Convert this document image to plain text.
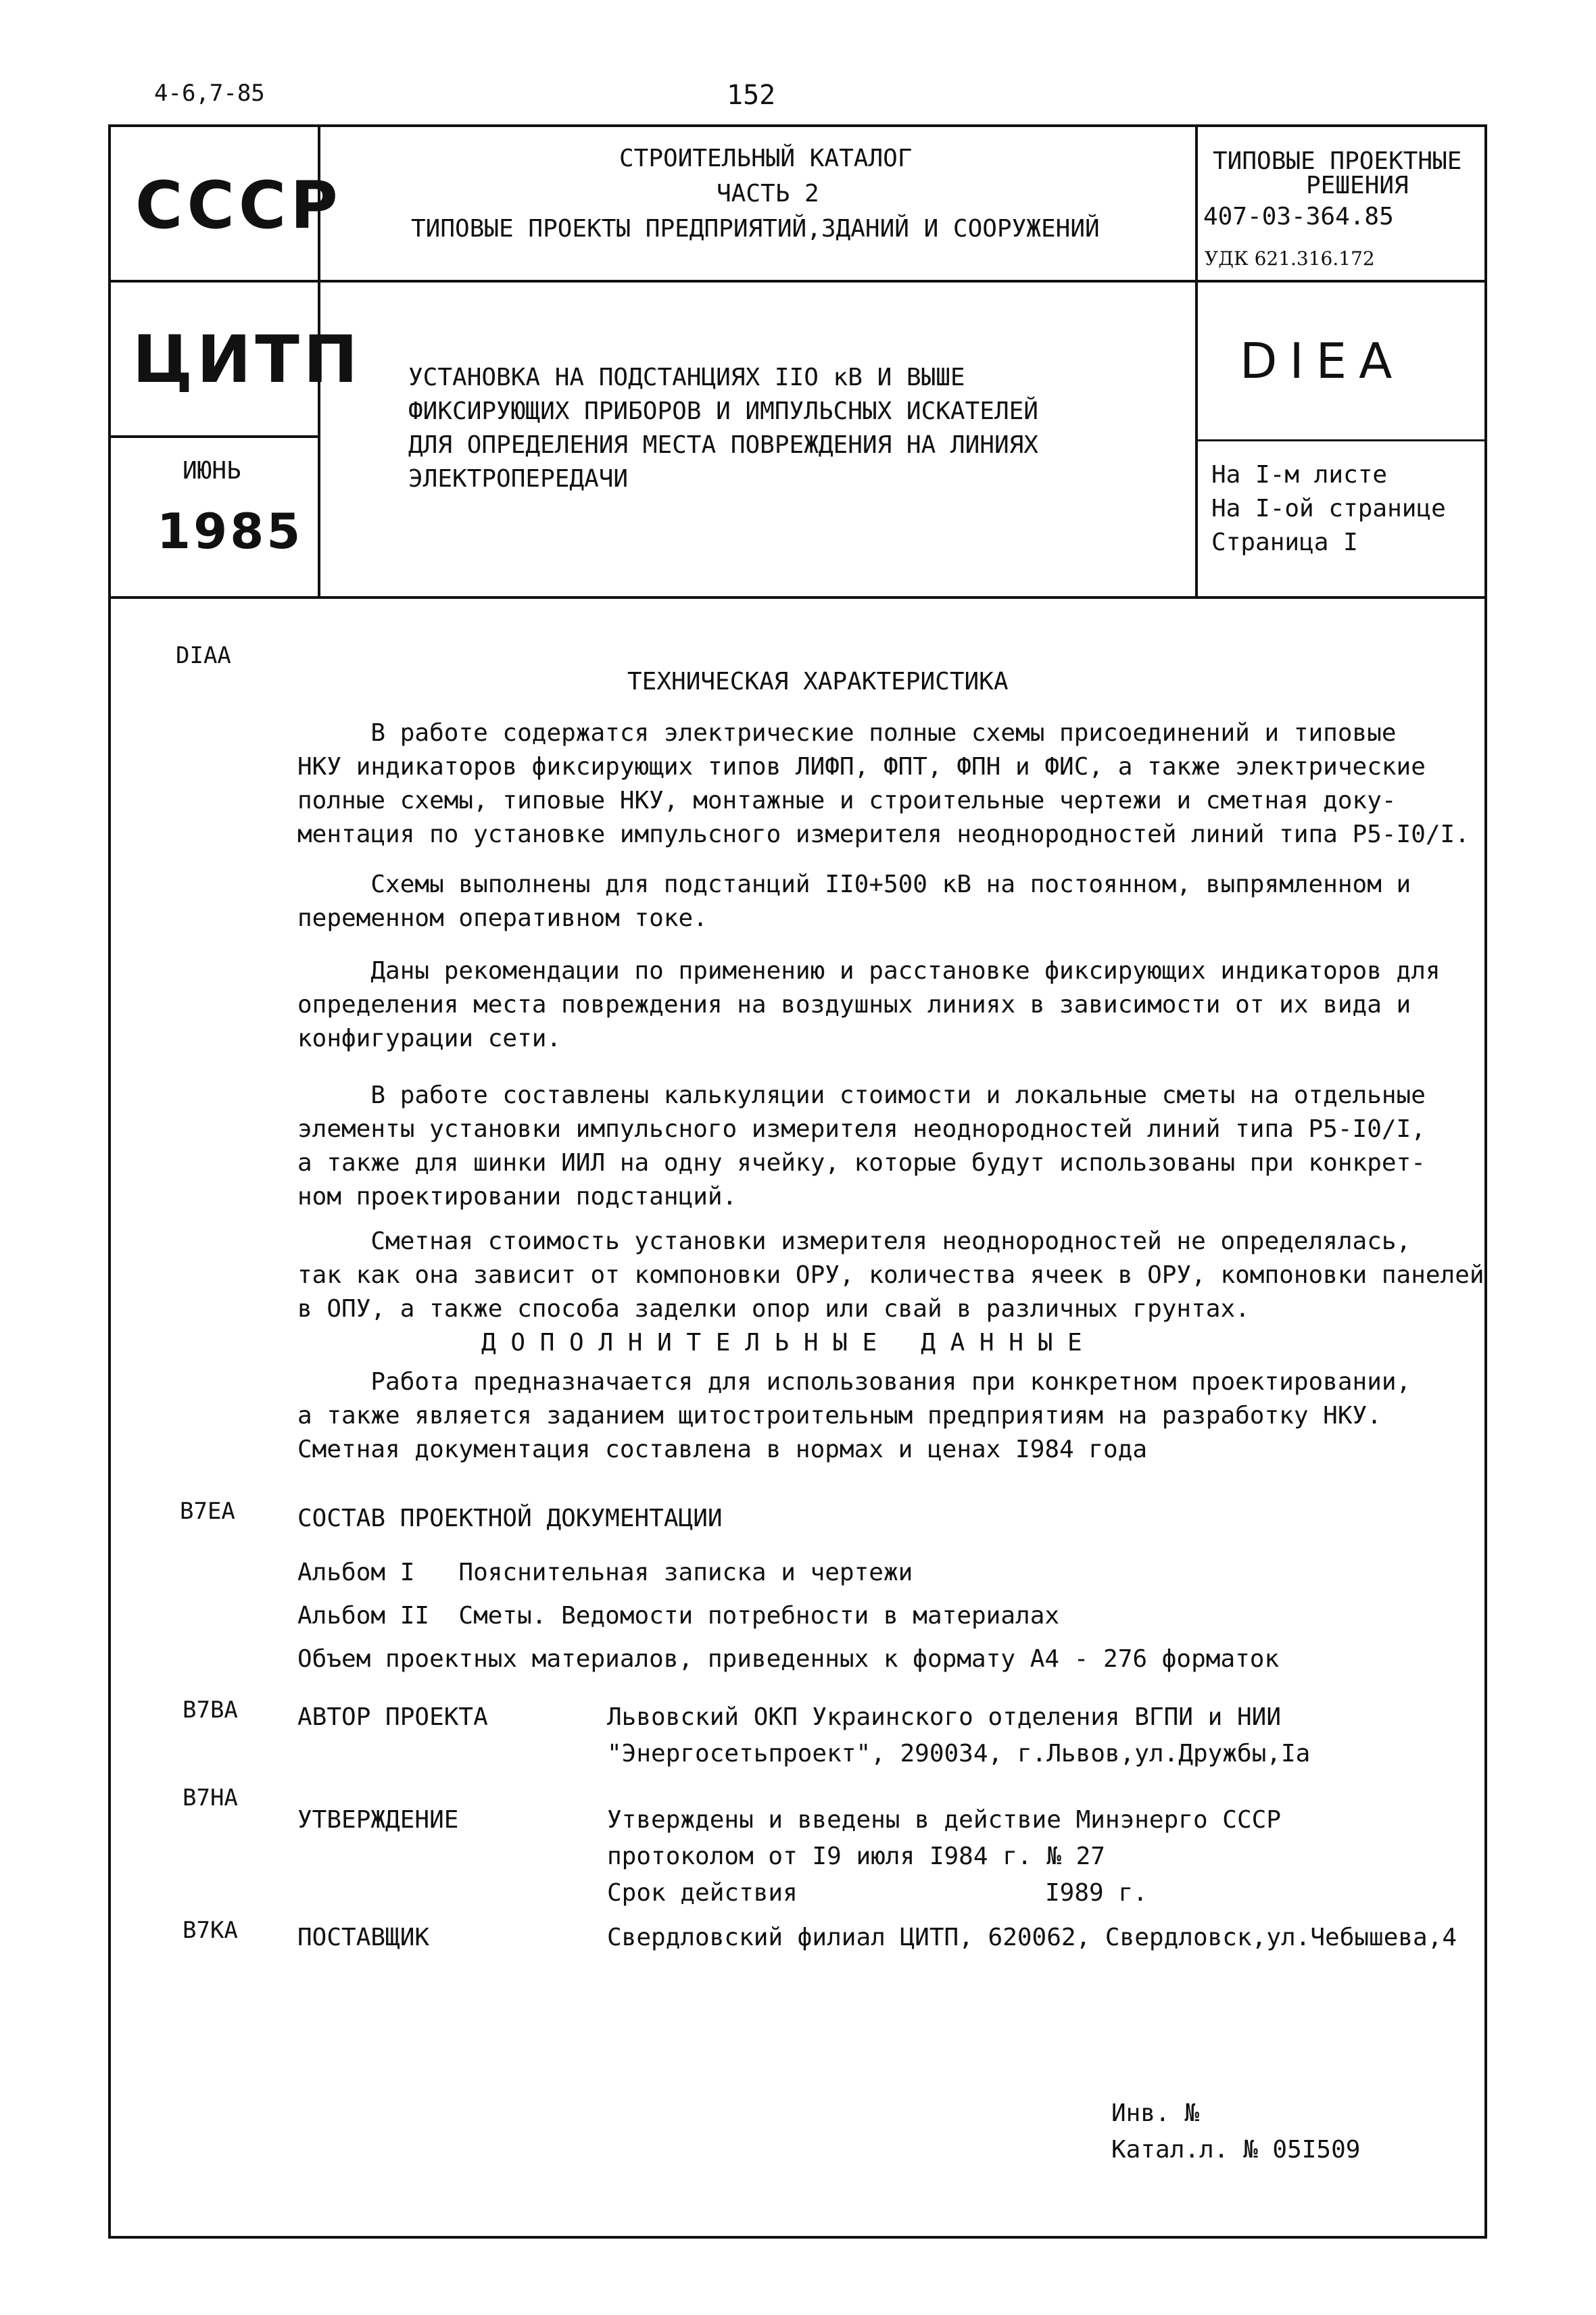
4-6,7-85	152
СССР
ЦИТП
ИЮНЬ
1985
СТРОИТЕЛЬНЫЙ КАТАЛОГ
ЧАСТЬ 2
ТИПОВЫЕ ПРОЕКТЫ ПРЕДПРИЯТИЙ,ЗДАНИЙ И СООРУЖЕНИЙ
УСТАНОВКА НА ПОДСТАНЦИЯХ IIO кВ И ВЫШЕ
ФИКСИРУЮЩИХ ПРИБОРОВ И ИМПУЛЬСНЫХ ИСКАТЕЛЕЙ
ДЛЯ ОПРЕДЕЛЕНИЯ МЕСТА ПОВРЕЖДЕНИЯ НА ЛИНИЯХ
ЭЛЕКТРОПЕРЕДАЧИ
ТИПОВЫЕ ПРОЕКТНЫЕ
РЕШЕНИЯ
407-03-364.85
УДК 621.316.172
DIEA
На I-м листе
На I-ой странице
Страница I
DIAA
ТЕХНИЧЕСКАЯ ХАРАКТЕРИСТИКА

В работе содержатся электрические полные схемы присоединений и типовые

НКУ индикаторов фиксирующих типов ЛИФП, ФПТ, ФПН и ФИС, а также электрические

полные схемы, типовые НКУ, монтажные и строительные чертежи и сметная доку-

ментация по установке импульсного измерителя неоднородностей линий типа Р5-I0/I.

Схемы выполнены для подстанций II0+500 кВ на постоянном, выпрямленном и

переменном оперативном токе.

Даны рекомендации по применению и расстановке фиксирующих индикаторов для

определения места повреждения на воздушных линиях в зависимости от их вида и

конфигурации сети.

В работе составлены калькуляции стоимости и локальные сметы на отдельные

элементы установки импульсного измерителя неоднородностей линий типа Р5-I0/I,

а также для шинки ИИЛ на одну ячейку, которые будут использованы при конкрет-

ном проектировании подстанций.

Сметная стоимость установки измерителя неоднородностей не определялась,

так как она зависит от компоновки ОРУ, количества ячеек в ОРУ, компоновки панелей

в ОПУ, а также способа заделки опор или свай в различных грунтах.

Д О П О Л Н И Т Е Л Ь Н Ы Е   Д А Н Н Ы Е

Работа предназначается для использования при конкретном проектировании,

а также является заданием щитостроительным предприятиям на разработку НКУ.

Сметная документация составлена в нормах и ценах I984 года

В7ЕА	СОСТАВ ПРОЕКТНОЙ ДОКУМЕНТАЦИИ
Альбом I   Пояснительная записка и чертежи
Альбом II  Сметы. Ведомости потребности в материалах
Объем проектных материалов, приведенных к формату А4 - 276 форматок
В7ВА АВТОР ПРОЕКТА	Львовский ОКП Украинского отделения ВГПИ и НИИ
"Энергосетьпроект", 290034, г.Львов,ул.Дружбы,Iа
В7НА
УТВЕРЖДЕНИЕ	Утверждены и введены в действие Минэнерго СССР
протоколом от I9 июля I984 г. № 27
Срок действия	I989 г.
В7КА ПОСТАВЩИК	Свердловский филиал ЦИТП, 620062, Свердловск,ул.Чебышева,4
Инв. №
Катал.л. № 05I509
